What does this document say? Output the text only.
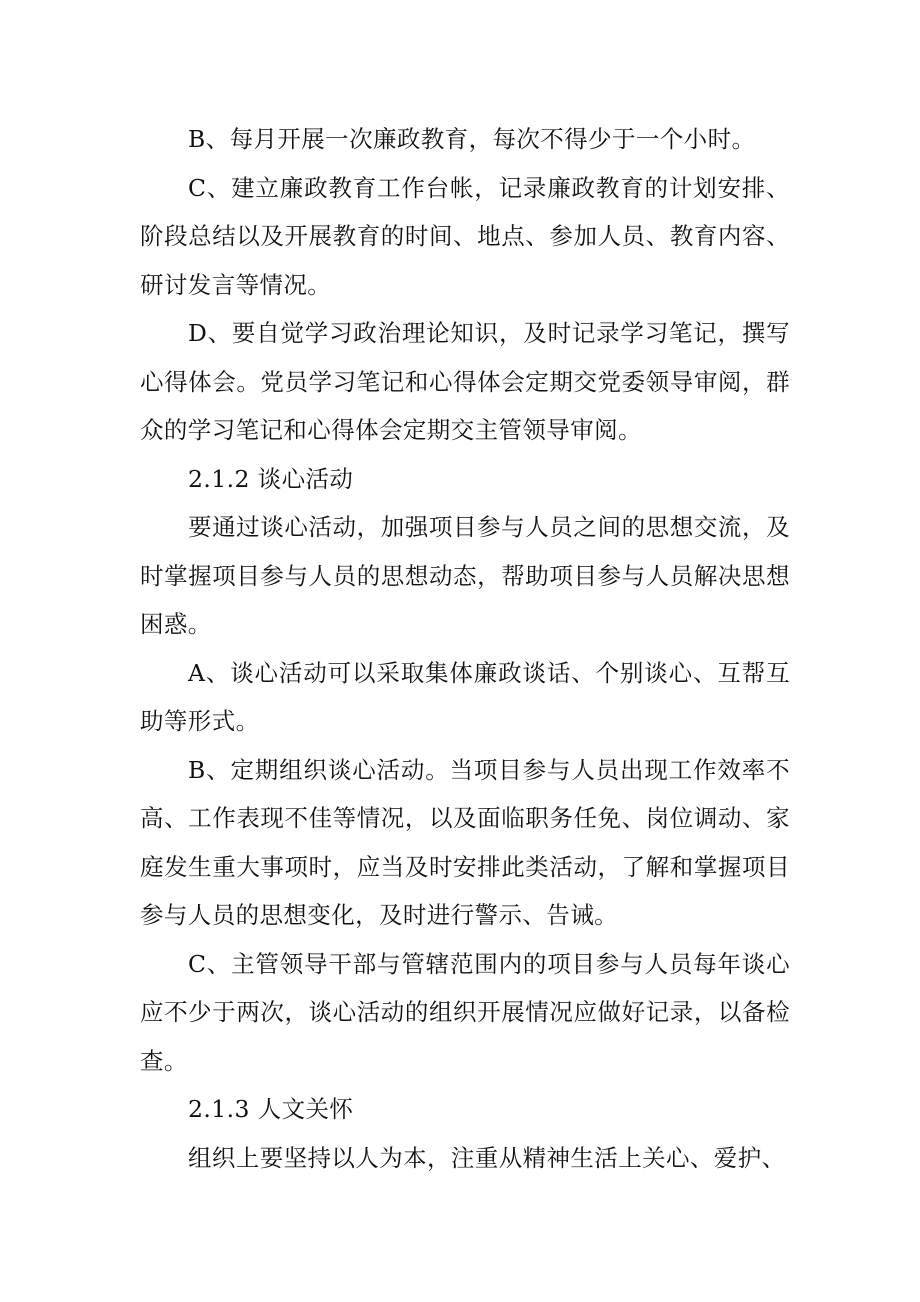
B、每月开展一次廉政教育，每次不得少于一个小时。

C、建立廉政教育工作台帐，记录廉政教育的计划安排、阶段总结以及开展教育的时间、地点、参加人员、教育内容、研讨发言等情况。

D、要自觉学习政治理论知识，及时记录学习笔记，撰写心得体会。党员学习笔记和心得体会定期交党委领导审阅，群众的学习笔记和心得体会定期交主管领导审阅。

2.1.2 谈心活动

要通过谈心活动，加强项目参与人员之间的思想交流，及时掌握项目参与人员的思想动态，帮助项目参与人员解决思想困惑。

A、谈心活动可以采取集体廉政谈话、个别谈心、互帮互助等形式。

B、定期组织谈心活动。当项目参与人员出现工作效率不高、工作表现不佳等情况，以及面临职务任免、岗位调动、家庭发生重大事项时，应当及时安排此类活动，了解和掌握项目参与人员的思想变化，及时进行警示、告诫。

C、主管领导干部与管辖范围内的项目参与人员每年谈心应不少于两次，谈心活动的组织开展情况应做好记录，以备检查。

2.1.3 人文关怀

组织上要坚持以人为本，注重从精神生活上关心、爱护、
